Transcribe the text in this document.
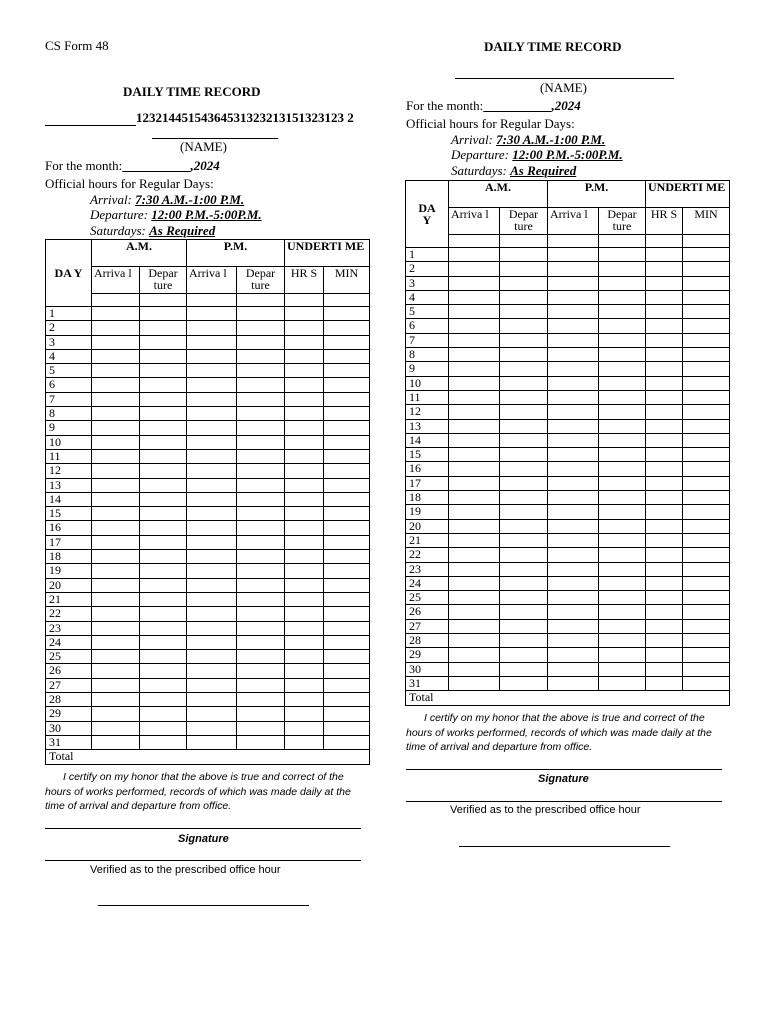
CS Form 48
DAILY TIME RECORD
12321445154364531323213151323123 2
(NAME)
For the month:	,2024
Official hours for Regular Days:
Arrival: 7:30 A.M.-1:00 P.M.
Departure: 12:00 P.M.-5:00P.M.
Saturdays: As Required
DA Y	A.M.		P.M.		UNDERTI ME	
	Arriva l	Depar ture	Arriva l	Depar ture	HR S	MIN

1						
2						
3						
4						
5						
6						
7						
8						
9						
10						
11						
12						
13						
14						
15						
16						
17						
18						
19						
20						
21						
22						
23						
24						
25						
26						
27						
28						
29						
30						
31						
Total						
I certify on my honor that the above is true and correct of the hours of works performed, records of which was made daily at the time of arrival and departure from office.
Signature
Verified as to the prescribed office hour
DAILY TIME RECORD
(NAME)
For the month:	,2024
Official hours for Regular Days:
Arrival: 7:30 A.M.-1:00 P.M.
Departure: 12:00 P.M.-5:00P.M.
Saturdays: As Required
DA Y	A.M.		P.M.		UNDERTI ME	
	Arriva l	Depar ture	Arriva l	Depar ture	HR S	MIN

1						
2						
3						
4						
5						
6						
7						
8						
9						
10						
11						
12						
13						
14						
15						
16						
17						
18						
19						
20						
21						
22						
23						
24						
25						
26						
27						
28						
29						
30						
31						
Total						
I certify on my honor that the above is true and correct of the hours of works performed, records of which was made daily at the time of arrival and departure from office.
Signature
Verified as to the prescribed office hour
